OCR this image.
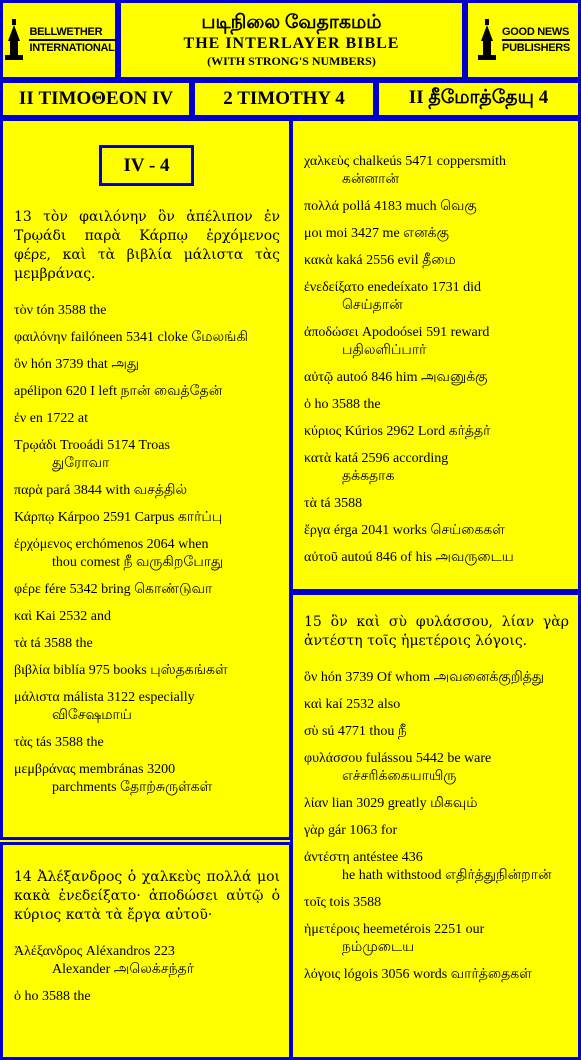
BELLWETHER
INTERNATIONAL
படிநிலை வேதாகமம்
THE INTERLAYER BIBLE
(WITH STRONG'S NUMBERS)
GOOD NEWS
PUBLISHERS
II ΤΙΜΟΘΕΟΝ IV	2 TIMOTHY 4	II தீமோத்தேயு 4
IV - 4
13 τὸν φαιλόνην ὃν ἀπέλιπον ἐν Τρῳάδι παρὰ Κάρπῳ ἐρχόμενος φέρε, καὶ τὰ βιβλία μάλιστα τὰς μεμβράνας.
τὸν tón 3588 the
φαιλόνην failóneen 5341 cloke மேலங்கி
ὃν hón 3739 that அது
apélipon 620 I left நான் வைத்தேன்
ἐν en 1722 at
Τρῳάδι Trooádi 5174 Troas
துரோவா
παρὰ pará 3844 with வசத்தில்
Κάρπῳ Kárpoo 2591 Carpus கார்ப்பு
ἐρχόμενος erchómenos 2064 when
thou comest நீ வருகிறபோது
φέρε fére 5342 bring கொண்டுவா
καὶ Kai 2532 and
τὰ tá 3588 the
βιβλία biblía 975 books புஸ்தகங்கள்
μάλιστα málista 3122 especially
விசேஷமாய்
τὰς tás 3588 the
μεμβράνας membránas 3200
parchments தோற்சுருள்கள்
14 Ἀλέξανδρος ὁ χαλκεὺς πολλά μοι κακὰ ἐνεδείξατο· ἀποδώσει αὐτῷ ὁ κύριος κατὰ τὰ ἔργα αὐτοῦ·
Ἀλέξανδρος Aléxandros 223
Alexander அலெக்சந்தர்
ὁ ho 3588 the
χαλκεὺς chalkeús 5471 coppersmith
கன்னான்
πολλά pollá 4183 much வெகு
μοι moi 3427 me எனக்கு
κακὰ kaká 2556 evil தீமை
ἐνεδείξατο enedeíxato 1731 did
செய்தான்
ἀποδώσει Apodoósei 591 reward
பதிலளிப்பார்
αὐτῷ autoó 846 him அவனுக்கு
ὁ ho 3588 the
κύριος Kúrios 2962 Lord கர்த்தர்
κατὰ katá 2596 according
தக்கதாக
τὰ tá 3588
ἔργα érga 2041 works செய்கைகள்
αὐτοῦ autoú 846 of his அவருடைய
15 ὃν καὶ σὺ φυλάσσου, λίαν γὰρ ἀντέστη τοῖς ἡμετέροις λόγοις.
ὃν hón 3739 Of whom அவனைக்குறித்து
καὶ kaí 2532 also
σὺ sú 4771 thou நீ
φυλάσσου fulássou 5442 be ware
எச்சரிக்கையாயிரு
λίαν lian 3029 greatly மிகவும்
γὰρ gár 1063 for
ἀντέστη antéstee 436
he hath withstood எதிர்த்துநின்றான்
τοῖς tois 3588
ἡμετέροις heemetérois 2251 our
நம்முடைய
λόγοις lógois 3056 words வார்த்தைகள்
